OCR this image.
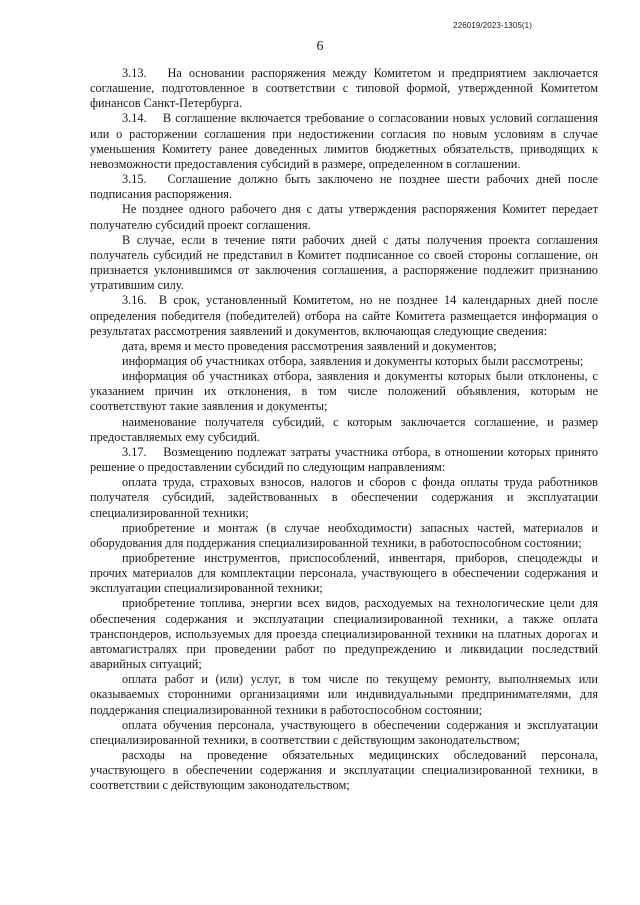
226019/2023-1305(1)
6

3.13.   На основании распоряжения между Комитетом и предприятием заключается соглашение, подготовленное в соответствии с типовой формой, утвержденной Комитетом финансов Санкт-Петербурга.

3.14.    В соглашение включается требование о согласовании новых условий соглашения или о расторжении соглашения при недостижении согласия по новым условиям в случае уменьшения Комитету ранее доведенных лимитов бюджетных обязательств, приводящих к невозможности предоставления субсидий в размере, определенном в соглашении.

3.15.   Соглашение должно быть заключено не позднее шести рабочих дней после подписания распоряжения.

Не позднее одного рабочего дня с даты утверждения распоряжения Комитет передает получателю субсидий проект соглашения.

В случае, если в течение пяти рабочих дней с даты получения проекта соглашения получатель субсидий не представил в Комитет подписанное со своей стороны соглашение, он признается уклонившимся от заключения соглашения, а распоряжение подлежит признанию утратившим силу.

3.16.  В срок, установленный Комитетом, но не позднее 14 календарных дней после определения победителя (победителей) отбора на сайте Комитета размещается информация о результатах рассмотрения заявлений и документов, включающая следующие сведения:

дата, время и место проведения рассмотрения заявлений и документов;

информация об участниках отбора, заявления и документы которых были рассмотрены;

информация об участниках отбора, заявления и документы которых были отклонены, с указанием причин их отклонения, в том числе положений объявления, которым не соответствуют такие заявления и документы;

наименование получателя субсидий, с которым заключается соглашение, и размер предоставляемых ему субсидий.

3.17.    Возмещению подлежат затраты участника отбора, в отношении которых принято решение о предоставлении субсидий по следующим направлениям:

оплата труда, страховых взносов, налогов и сборов с фонда оплаты труда работников получателя субсидий, задействованных в обеспечении содержания и эксплуатации специализированной техники;

приобретение и монтаж (в случае необходимости) запасных частей, материалов и оборудования для поддержания специализированной техники, в работоспособном состоянии;

приобретение инструментов, приспособлений, инвентаря, приборов, спецодежды и прочих материалов для комплектации персонала, участвующего в обеспечении содержания и эксплуатации специализированной техники;

приобретение топлива, энергии всех видов, расходуемых на технологические цели для обеспечения содержания и эксплуатации специализированной техники, а также оплата транспондеров, используемых для проезда специализированной техники на платных дорогах и автомагистралях при проведении работ по предупреждению и ликвидации последствий аварийных ситуаций;

оплата работ и (или) услуг, в том числе по текущему ремонту, выполняемых или оказываемых сторонними организациями или индивидуальными предпринимателями, для поддержания специализированной техники в работоспособном состоянии;

оплата обучения персонала, участвующего в обеспечении содержания и эксплуатации специализированной техники, в соответствии с действующим законодательством;

расходы на проведение обязательных медицинских обследований персонала, участвующего в обеспечении содержания и эксплуатации специализированной техники, в соответствии с действующим законодательством;
